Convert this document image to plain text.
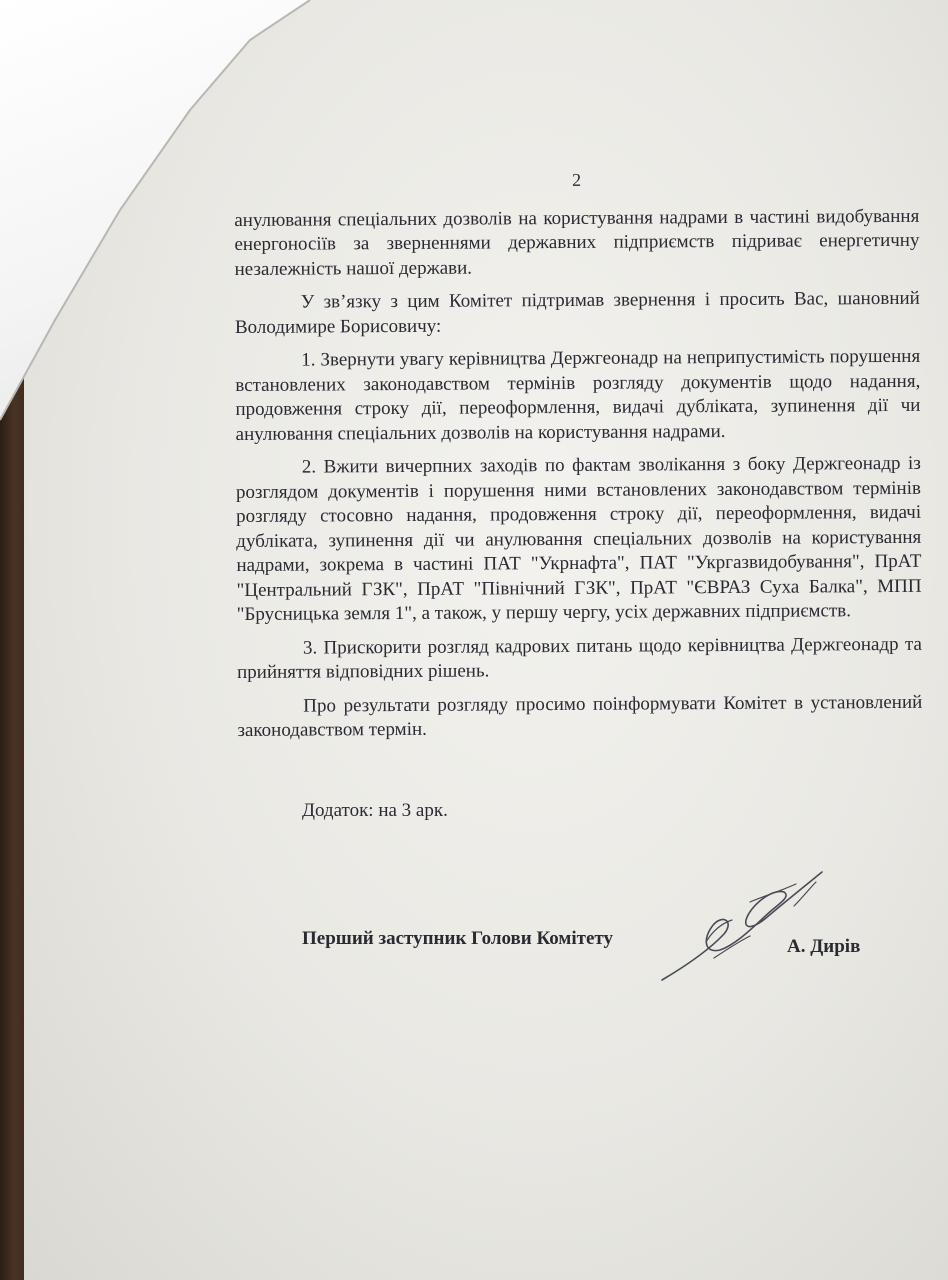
2

анулювання спеціальних дозволів на користування надрами в частині видобування енергоносіїв за зверненнями державних підприємств підриває енергетичну незалежність нашої держави.

У зв’язку з цим Комітет підтримав звернення і просить Вас, шановний Володимире Борисовичу:

1. Звернути увагу керівництва Держгеонадр на неприпустимість порушення встановлених законодавством термінів розгляду документів щодо надання, продовження строку дії, переоформлення, видачі дубліката, зупинення дії чи анулювання спеціальних дозволів на користування надрами.

2. Вжити вичерпних заходів по фактам зволікання з боку Держгеонадр із розглядом документів і порушення ними встановлених законодавством термінів розгляду стосовно надання, продовження строку дії, переоформлення, видачі дубліката, зупинення дії чи анулювання спеціальних дозволів на користування надрами, зокрема в частині ПАТ "Укрнафта", ПАТ "Укргазвидобування", ПрАТ "Центральний ГЗК", ПрАТ "Північний ГЗК", ПрАТ "ЄВРАЗ Суха Балка", МПП "Брусницька земля 1", а також, у першу чергу, усіх державних підприємств.

3. Прискорити розгляд кадрових питань щодо керівництва Держгеонадр та прийняття відповідних рішень.

Про результати розгляду просимо поінформувати Комітет в установлений законодавством термін.

Додаток: на 3 арк.
Перший заступник Голови Комітету	А. Дирів
